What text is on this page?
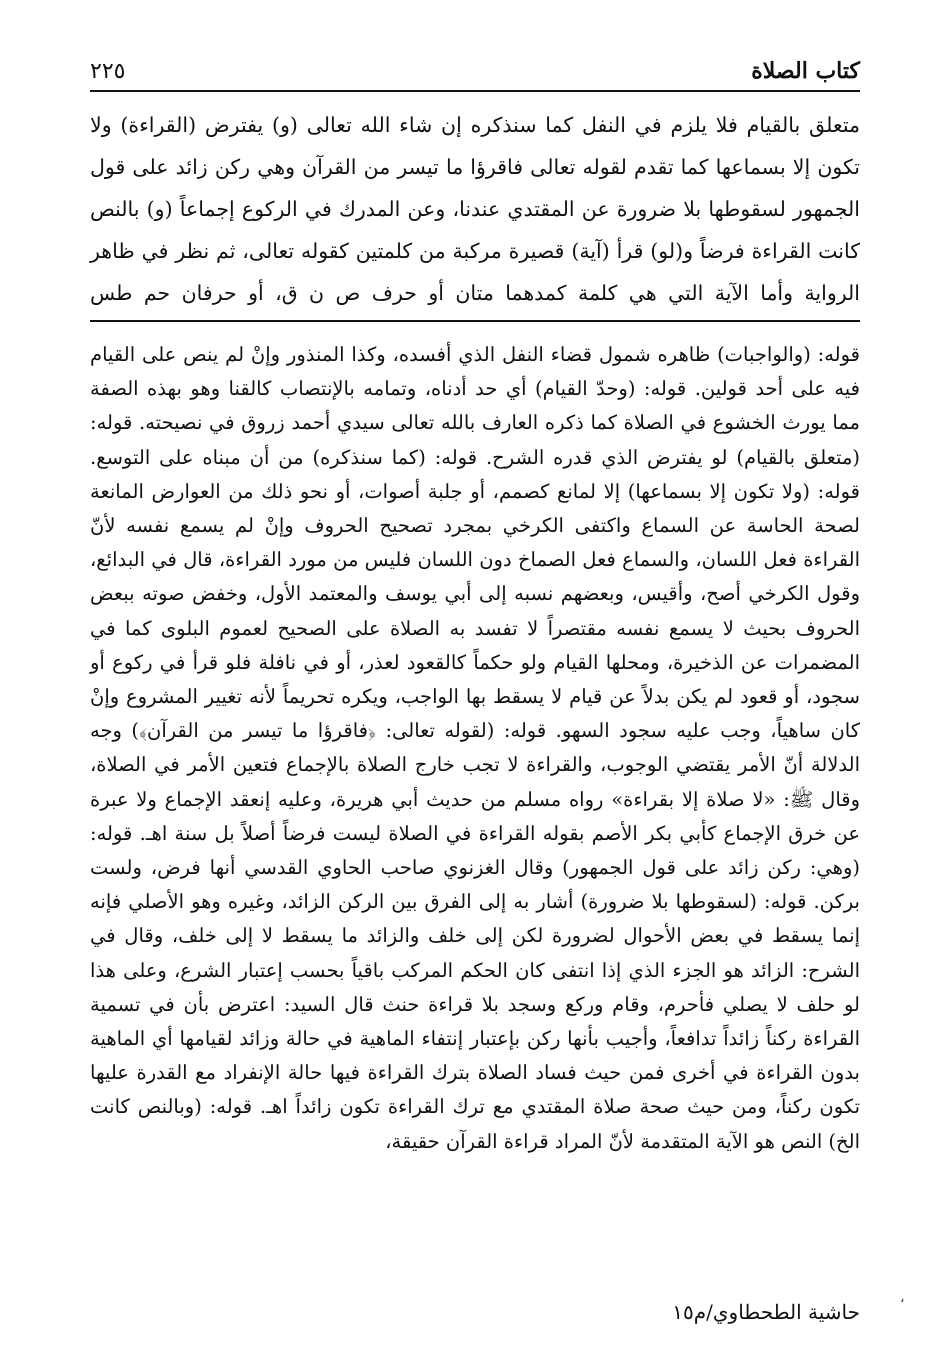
كتاب الصلاة
٢٢٥

متعلق بالقيام فلا يلزم في النفل كما سنذكره إن شاء الله تعالى (و) يفترض (القراءة) ولا تكون إلا بسماعها كما تقدم لقوله تعالى فاقرؤا ما تيسر من القرآن وهي ركن زائد على قول الجمهور لسقوطها بلا ضرورة عن المقتدي عندنا، وعن المدرك في الركوع إجماعاً (و) بالنص كانت القراءة فرضاً و(لو) قرأ (آية) قصيرة مركبة من كلمتين كقوله تعالى، ثم نظر في ظاهر الرواية وأما الآية التي هي كلمة كمدهما متان أو حرف ص ن ق، أو حرفان حم طس

قوله: (والواجبات) ظاهره شمول قضاء النفل الذي أفسده، وكذا المنذور وإنْ لم ينص على القيام فيه على أحد قولين. قوله: (وحدّ القيام) أي حد أدناه، وتمامه بالإنتصاب كالقنا وهو بهذه الصفة مما يورث الخشوع في الصلاة كما ذكره العارف بالله تعالى سيدي أحمد زروق في نصيحته. قوله: (متعلق بالقيام) لو يفترض الذي قدره الشرح. قوله: (كما سنذكره) من أن مبناه على التوسع. قوله: (ولا تكون إلا بسماعها) إلا لمانع كصمم، أو جلبة أصوات، أو نحو ذلك من العوارض المانعة لصحة الحاسة عن السماع واكتفى الكرخي بمجرد تصحيح الحروف وإنْ لم يسمع نفسه لأنّ القراءة فعل اللسان، والسماع فعل الصماخ دون اللسان فليس من مورد القراءة، قال في البدائع، وقول الكرخي أصح، وأقيس، وبعضهم نسبه إلى أبي يوسف والمعتمد الأول، وخفض صوته ببعض الحروف بحيث لا يسمع نفسه مقتصراً لا تفسد به الصلاة على الصحيح لعموم البلوى كما في المضمرات عن الذخيرة، ومحلها القيام ولو حكماً كالقعود لعذر، أو في نافلة فلو قرأ في ركوع أو سجود، أو قعود لم يكن بدلاً عن قيام لا يسقط بها الواجب، ويكره تحريماً لأنه تغيير المشروع وإنْ كان ساهياً، وجب عليه سجود السهو. قوله: (لقوله تعالى: ﴿فاقرؤا ما تيسر من القرآن﴾) وجه الدلالة أنّ الأمر يقتضي الوجوب، والقراءة لا تجب خارج الصلاة بالإجماع فتعين الأمر في الصلاة، وقال ﷺ: «لا صلاة إلا بقراءة» رواه مسلم من حديث أبي هريرة، وعليه إنعقد الإجماع ولا عبرة عن خرق الإجماع كأبي بكر الأصم بقوله القراءة في الصلاة ليست فرضاً أصلاً بل سنة اهـ. قوله: (وهي: ركن زائد على قول الجمهور) وقال الغزنوي صاحب الحاوي القدسي أنها فرض، ولست بركن. قوله: (لسقوطها بلا ضرورة) أشار به إلى الفرق بين الركن الزائد، وغيره وهو الأصلي فإنه إنما يسقط في بعض الأحوال لضرورة لكن إلى خلف والزائد ما يسقط لا إلى خلف، وقال في الشرح: الزائد هو الجزء الذي إذا انتفى كان الحكم المركب باقياً بحسب إعتبار الشرع، وعلى هذا لو حلف لا يصلي فأحرم، وقام وركع وسجد بلا قراءة حنث قال السيد: اعترض بأن في تسمية القراءة ركناً زائداً تدافعاً، وأجيب بأنها ركن بإعتبار إنتفاء الماهية في حالة وزائد لقيامها أي الماهية بدون القراءة في أخرى فمن حيث فساد الصلاة بترك القراءة فيها حالة الإنفراد مع القدرة عليها تكون ركناً، ومن حيث صحة صلاة المقتدي مع ترك القراءة تكون زائداً اهـ. قوله: (وبالنص كانت الخ) النص هو الآية المتقدمة لأنّ المراد قراءة القرآن حقيقة،

حاشية الطحطاوي/م١٥
،
